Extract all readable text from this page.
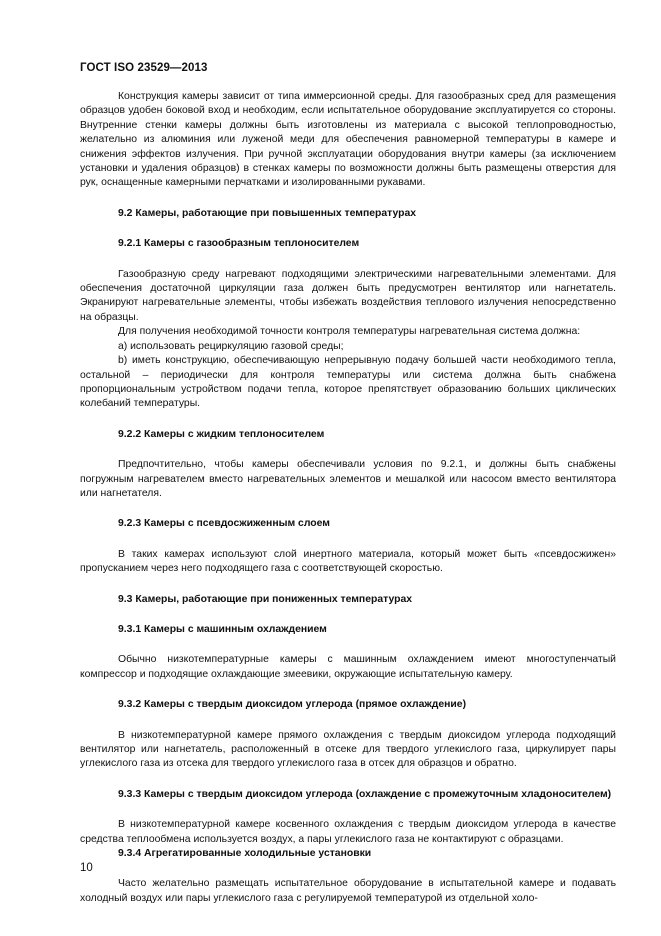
ГОСТ ISO 23529—2013

Конструкция камеры зависит от типа иммерсионной среды. Для газообразных сред для размещения образцов удобен боковой вход и необходим, если испытательное оборудование эксплуатируется со стороны. Внутренние стенки камеры должны быть изготовлены из материала с высокой теплопроводностью, желательно из алюминия или луженой меди для обеспечения равномерной температуры в камере и снижения эффектов излучения. При ручной эксплуатации оборудования внутри камеры (за исключением установки и удаления образцов) в стенках камеры по возможности должны быть размещены отверстия для рук, оснащенные камерными перчатками и изолированными рукавами.

9.2 Камеры, работающие при повышенных температурах

9.2.1 Камеры с газообразным теплоносителем

Газообразную среду нагревают подходящими электрическими нагревательными элементами. Для обеспечения достаточной циркуляции газа должен быть предусмотрен вентилятор или нагнетатель. Экранируют нагревательные элементы, чтобы избежать воздействия теплового излучения непосредственно на образцы.

Для получения необходимой точности контроля температуры нагревательная система должна:

a) использовать рециркуляцию газовой среды;

b) иметь конструкцию, обеспечивающую непрерывную подачу большей части необходимого тепла, остальной – периодически для контроля температуры или система должна быть снабжена пропорциональным устройством подачи тепла, которое препятствует образованию больших циклических колебаний температуры.

9.2.2 Камеры с жидким теплоносителем

Предпочтительно, чтобы камеры обеспечивали условия по 9.2.1, и должны быть снабжены погружным нагревателем вместо нагревательных элементов и мешалкой или насосом вместо вентилятора или нагнетателя.

9.2.3 Камеры с псевдосжиженным слоем

В таких камерах используют слой инертного материала, который может быть «псевдосжижен» пропусканием через него подходящего газа с соответствующей скоростью.

9.3 Камеры, работающие при пониженных температурах

9.3.1 Камеры с машинным охлаждением

Обычно низкотемпературные камеры с машинным охлаждением имеют многоступенчатый компрессор и подходящие охлаждающие змеевики, окружающие испытательную камеру.

9.3.2 Камеры с твердым диоксидом углерода (прямое охлаждение)

В низкотемпературной камере прямого охлаждения с твердым диоксидом углерода подходящий вентилятор или нагнетатель, расположенный в отсеке для твердого углекислого газа, циркулирует пары углекислого газа из отсека для твердого углекислого газа в отсек для образцов и обратно.

9.3.3 Камеры с твердым диоксидом углерода (охлаждение с промежуточным хладоносителем)

В низкотемпературной камере косвенного охлаждения с твердым диоксидом углерода в качестве средства теплообмена используется воздух, а пары углекислого газа не контактируют с образцами.

9.3.4 Агрегатированные холодильные установки

Часто желательно размещать испытательное оборудование в испытательной камере и подавать холодный воздух или пары углекислого газа с регулируемой температурой из отдельной холо-

10
